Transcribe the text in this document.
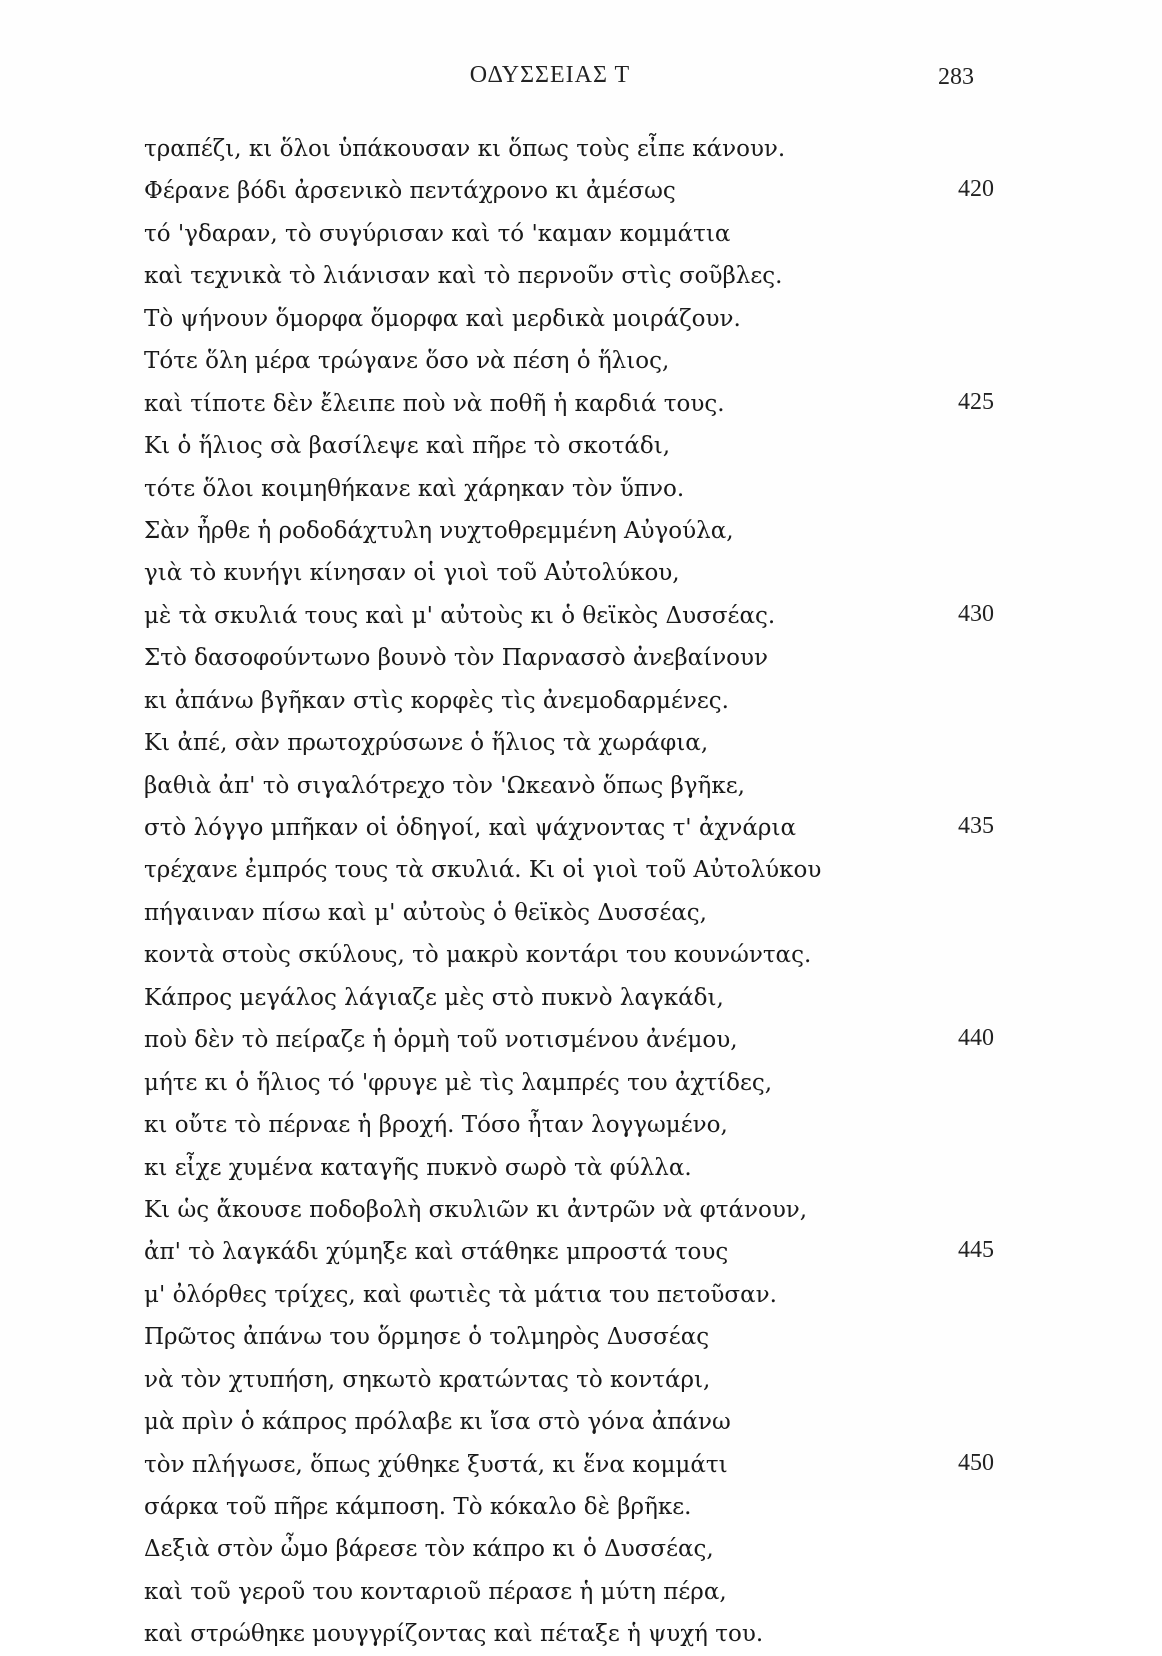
ΟΔΥΣΣΕΙΑΣ Τ	283
τραπέζι, κι ὅλοι ὑπάκουσαν κι ὅπως τοὺς εἶπε κάνουν.
Φέρανε βόδι ἀρσενικὸ πεντάχρονο κι ἀμέσως	420
τό 'γδαραν, τὸ συγύρισαν καὶ τό 'καμαν κομμάτια
καὶ τεχνικὰ τὸ λιάνισαν καὶ τὸ περνοῦν στὶς σοῦβλες.
Τὸ ψήνουν ὅμορφα ὅμορφα καὶ μερδικὰ μοιράζουν.
Τότε ὅλη μέρα τρώγανε ὅσο νὰ πέση ὁ ἥλιος,
καὶ τίποτε δὲν ἔλειπε ποὺ νὰ ποθῆ ἡ καρδιά τους.	425
Κι ὁ ἥλιος σὰ βασίλεψε καὶ πῆρε τὸ σκοτάδι,
τότε ὅλοι κοιμηθήκανε καὶ χάρηκαν τὸν ὕπνο.
Σὰν ἦρθε ἡ ροδοδάχτυλη νυχτοθρεμμένη Αὐγούλα,
γιὰ τὸ κυνήγι κίνησαν οἱ γιοὶ τοῦ Αὐτολύκου,
μὲ τὰ σκυλιά τους καὶ μ' αὐτοὺς κι ὁ θεϊκὸς Δυσσέας.	430
Στὸ δασοφούντωνο βουνὸ τὸν Παρνασσὸ ἀνεβαίνουν
κι ἀπάνω βγῆκαν στὶς κορφὲς τὶς ἀνεμοδαρμένες.
Κι ἀπέ, σὰν πρωτοχρύσωνε ὁ ἥλιος τὰ χωράφια,
βαθιὰ ἀπ' τὸ σιγαλότρεχο τὸν 'Ωκεανὸ ὅπως βγῆκε,
στὸ λόγγο μπῆκαν οἱ ὁδηγοί, καὶ ψάχνοντας τ' ἀχνάρια	435
τρέχανε ἐμπρός τους τὰ σκυλιά. Κι οἱ γιοὶ τοῦ Αὐτολύκου
πήγαιναν πίσω καὶ μ' αὐτοὺς ὁ θεϊκὸς Δυσσέας,
κοντὰ στοὺς σκύλους, τὸ μακρὺ κοντάρι του κουνώντας.
Κάπρος μεγάλος λάγιαζε μὲς στὸ πυκνὸ λαγκάδι,
ποὺ δὲν τὸ πείραζε ἡ ὁρμὴ τοῦ νοτισμένου ἀνέμου,	440
μήτε κι ὁ ἥλιος τό 'φρυγε μὲ τὶς λαμπρές του ἀχτίδες,
κι οὔτε τὸ πέρναε ἡ βροχή. Τόσο ἦταν λογγωμένο,
κι εἶχε χυμένα καταγῆς πυκνὸ σωρὸ τὰ φύλλα.
Κι ὡς ἄκουσε ποδοβολὴ σκυλιῶν κι ἀντρῶν νὰ φτάνουν,
ἀπ' τὸ λαγκάδι χύμηξε καὶ στάθηκε μπροστά τους	445
μ' ὀλόρθες τρίχες, καὶ φωτιὲς τὰ μάτια του πετοῦσαν.
Πρῶτος ἀπάνω του ὅρμησε ὁ τολμηρὸς Δυσσέας
νὰ τὸν χτυπήση, σηκωτὸ κρατώντας τὸ κοντάρι,
μὰ πρὶν ὁ κάπρος πρόλαβε κι ἴσα στὸ γόνα ἀπάνω
τὸν πλήγωσε, ὅπως χύθηκε ξυστά, κι ἕνα κομμάτι	450
σάρκα τοῦ πῆρε κάμποση. Τὸ κόκαλο δὲ βρῆκε.
Δεξιὰ στὸν ὦμο βάρεσε τὸν κάπρο κι ὁ Δυσσέας,
καὶ τοῦ γεροῦ του κονταριοῦ πέρασε ἡ μύτη πέρα,
καὶ στρώθηκε μουγγρίζοντας καὶ πέταξε ἡ ψυχή του.
